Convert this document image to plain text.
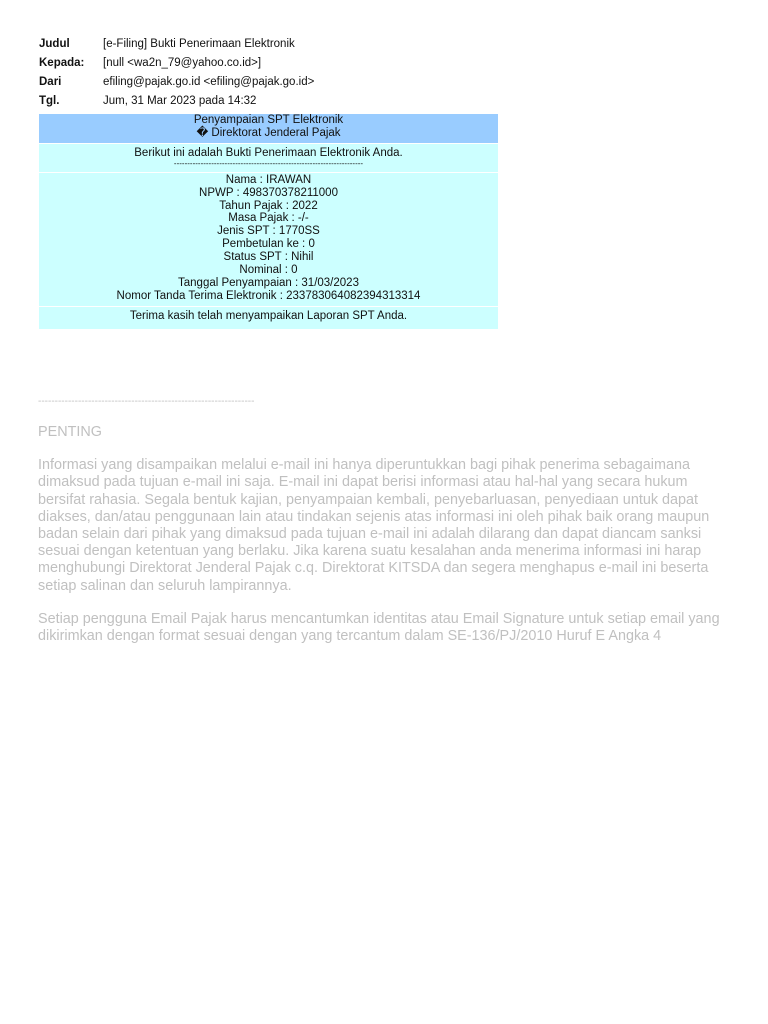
Judul	[e-Filing] Bukti Penerimaan Elektronik
Kepada:	[null <wa2n_79@yahoo.co.id>]
Dari	efiling@pajak.go.id <efiling@pajak.go.id>
Tgl.	Jum, 31 Mar 2023 pada 14:32
Penyampaian SPT Elektronik
� Direktorat Jenderal Pajak
Berikut ini adalah Bukti Penerimaan Elektronik Anda.
-----------------------------------------------------------------------
Nama : IRAWAN
NPWP : 498370378211000
Tahun Pajak : 2022
Masa Pajak : -/-
Jenis SPT : 1770SS
Pembetulan ke : 0
Status SPT : Nihil
Nominal : 0
Tanggal Penyampaian : 31/03/2023
Nomor Tanda Terima Elektronik : 233783064082394313314
Terima kasih telah menyampaikan Laporan SPT Anda.
-----------------------------------------------------------------
PENTING

Informasi yang disampaikan melalui e-mail ini hanya diperuntukkan bagi pihak penerima sebagaimana dimaksud pada tujuan e-mail ini saja. E-mail ini dapat berisi informasi atau hal-hal yang secara hukum bersifat rahasia. Segala bentuk kajian, penyampaian kembali, penyebarluasan, penyediaan untuk dapat diakses, dan/atau penggunaan lain atau tindakan sejenis atas informasi ini oleh pihak baik orang maupun badan selain dari pihak yang dimaksud pada tujuan e-mail ini adalah dilarang dan dapat diancam sanksi sesuai dengan ketentuan yang berlaku. Jika karena suatu kesalahan anda menerima informasi ini harap menghubungi Direktorat Jenderal Pajak c.q. Direktorat KITSDA dan segera menghapus e-mail ini beserta setiap salinan dan seluruh lampirannya.

Setiap pengguna Email Pajak harus mencantumkan identitas atau Email Signature untuk setiap email yang dikirimkan dengan format sesuai dengan yang tercantum dalam SE-136/PJ/2010 Huruf E Angka 4
